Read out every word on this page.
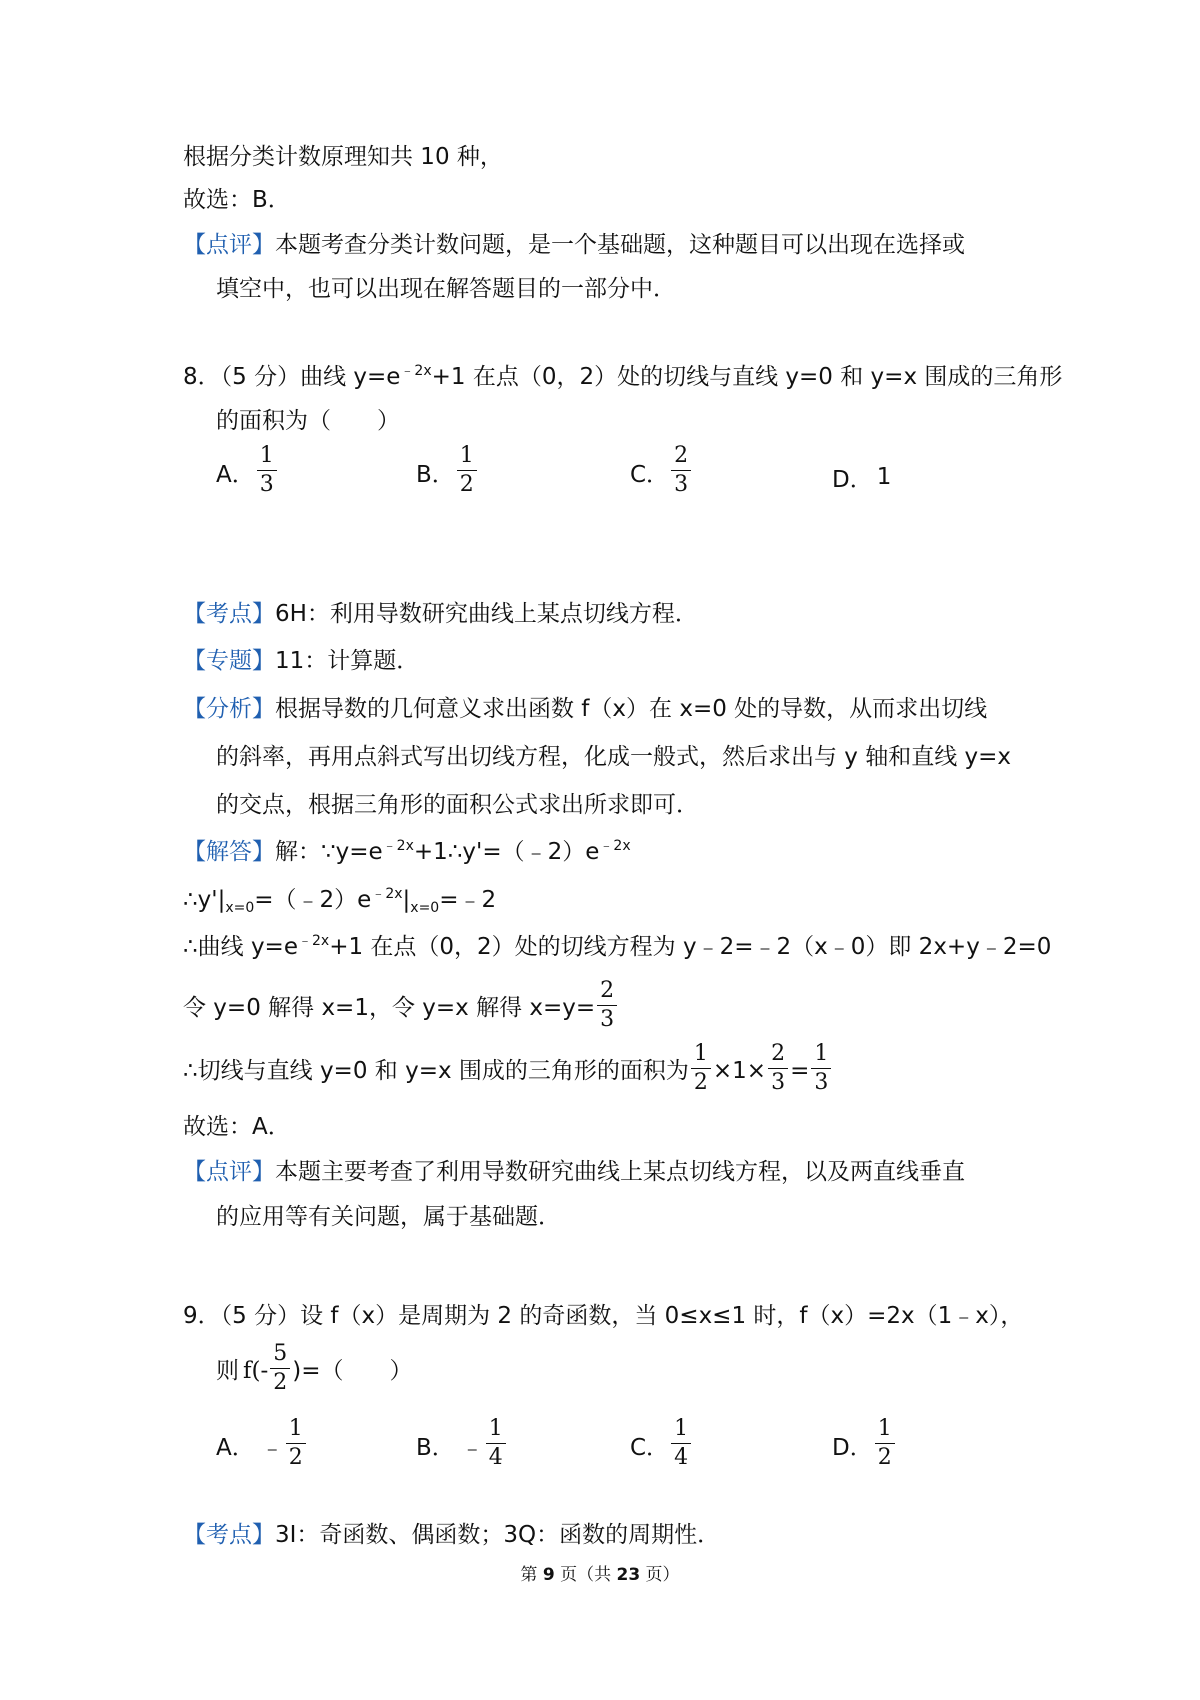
根据分类计数原理知共 10 种，
故选：B．
【点评】本题考查分类计数问题，是一个基础题，这种题目可以出现在选择或
填空中，也可以出现在解答题目的一部分中．
8．（5 分）曲线 $y=e^{﹣2x}+1$ 在点（0，2）处的切线与直线 y=0 和 y=x 围成的三角形
的面积为（　　）
A． $\frac{1}{3}$	B． $\frac{1}{2}$	C． $\frac{2}{3}$	D． 1
【考点】6H：利用导数研究曲线上某点切线方程．
【专题】11：计算题．
【分析】根据导数的几何意义求出函数 f（x）在 x=0 处的导数，从而求出切线
的斜率，再用点斜式写出切线方程，化成一般式，然后求出与 y 轴和直线 y=x
的交点，根据三角形的面积公式求出所求即可．
【解答】解：$\because y=e^{﹣2x}+1\therefore y'=(﹣2)e^{﹣2x}$
$\therefore y'|_{x=0}=(﹣2)e^{﹣2x}|_{x=0}=﹣2$
∴曲线 $y=e^{﹣2x}+1$ 在点（0，2）处的切线方程为 y﹣2=﹣2（x﹣0）即 2x+y﹣2=0
令 y=0 解得 x=1，令 y=x 解得 $x=y= \frac{2}{3}$
∴切线与直线 y=0 和 y=x 围成的三角形的面积为 $\frac{1}{2} \times 1\times \frac{2}{3} = \frac{1}{3}$
故选：A．
【点评】本题主要考查了利用导数研究曲线上某点切线方程，以及两直线垂直
的应用等有关问题，属于基础题．
9．（5 分）设 f（x）是周期为 2 的奇函数，当 0≤x≤1 时，f（x）=2x（1﹣x），
则 $f(- \frac{5}{2}$ )=（　　）
A． ﹣ $\frac{1}{2}$	B． ﹣ $\frac{1}{4}$	C． $\frac{1}{4}$	D． $\frac{1}{2}$
【考点】3I：奇函数、偶函数；3Q：函数的周期性．
第 9 页（共 23 页）
